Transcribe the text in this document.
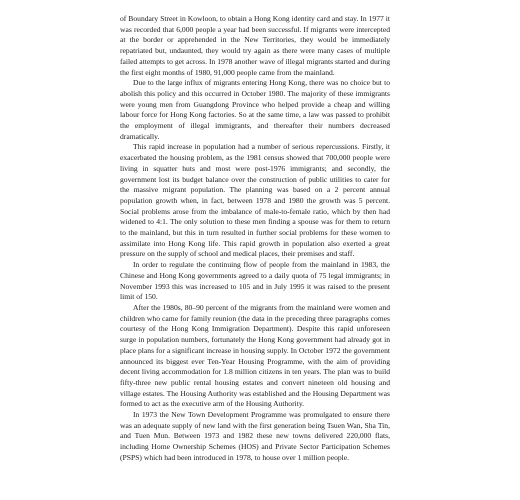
of Boundary Street in Kowloon, to obtain a Hong Kong identity card and stay. In 1977 it was recorded that 6,000 people a year had been successful. If migrants were intercepted at the border or apprehended in the New Territories, they would be immediately repatriated but, undaunted, they would try again as there were many cases of multiple failed attempts to get across. In 1978 another wave of illegal migrants started and during the first eight months of 1980, 91,000 people came from the mainland.

Due to the large influx of migrants entering Hong Kong, there was no choice but to abolish this policy and this occurred in October 1980. The majority of these immigrants were young men from Guangdong Province who helped provide a cheap and willing labour force for Hong Kong factories. So at the same time, a law was passed to prohibit the employment of illegal immigrants, and thereafter their numbers decreased dramatically.

This rapid increase in population had a number of serious repercussions. Firstly, it exacerbated the housing problem, as the 1981 census showed that 700,000 people were living in squatter huts and most were post-1976 immigrants; and secondly, the government lost its budget balance over the construction of public utilities to cater for the massive migrant population. The planning was based on a 2 percent annual population growth when, in fact, between 1978 and 1980 the growth was 5 percent. Social problems arose from the imbalance of male-to-female ratio, which by then had widened to 4:1. The only solution to these men finding a spouse was for them to return to the mainland, but this in turn resulted in further social problems for these women to assimilate into Hong Kong life. This rapid growth in population also exerted a great pressure on the supply of school and medical places, their premises and staff.

In order to regulate the continuing flow of people from the mainland in 1983, the Chinese and Hong Kong governments agreed to a daily quota of 75 legal immigrants; in November 1993 this was increased to 105 and in July 1995 it was raised to the present limit of 150.

After the 1980s, 80–90 percent of the migrants from the mainland were women and children who came for family reunion (the data in the preceding three paragraphs comes courtesy of the Hong Kong Immigration Department). Despite this rapid unforeseen surge in population numbers, fortunately the Hong Kong government had already got in place plans for a significant increase in housing supply. In October 1972 the government announced its biggest ever Ten-Year Housing Programme, with the aim of providing decent living accommodation for 1.8 million citizens in ten years. The plan was to build fifty-three new public rental housing estates and convert nineteen old housing and village estates. The Housing Authority was established and the Housing Department was formed to act as the executive arm of the Housing Authority.

In 1973 the New Town Development Programme was promulgated to ensure there was an adequate supply of new land with the first generation being Tsuen Wan, Sha Tin, and Tuen Mun. Between 1973 and 1982 these new towns delivered 220,000 flats, including Home Ownership Schemes (HOS) and Private Sector Participation Schemes (PSPS) which had been introduced in 1978, to house over 1 million people.
